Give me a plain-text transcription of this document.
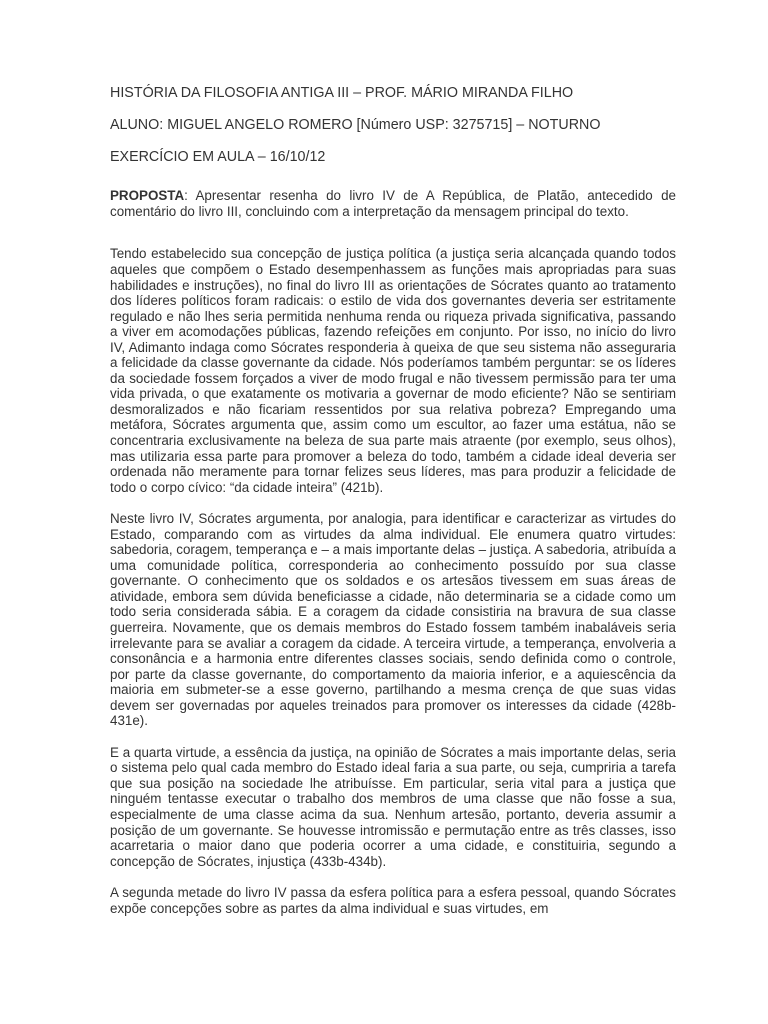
HISTÓRIA DA FILOSOFIA ANTIGA III – PROF. MÁRIO MIRANDA FILHO

ALUNO: MIGUEL ANGELO ROMERO [Número USP: 3275715] – NOTURNO

EXERCÍCIO EM AULA – 16/10/12

PROPOSTA: Apresentar resenha do livro IV de A República, de Platão, antecedido de comentário do livro III, concluindo com a interpretação da mensagem principal do texto.

Tendo estabelecido sua concepção de justiça política (a justiça seria alcançada quando todos aqueles que compõem o Estado desempenhassem as funções mais apropriadas para suas habilidades e instruções), no final do livro III as orientações de Sócrates quanto ao tratamento dos líderes políticos foram radicais: o estilo de vida dos governantes deveria ser estritamente regulado e não lhes seria permitida nenhuma renda ou riqueza privada significativa, passando a viver em acomodações públicas, fazendo refeições em conjunto. Por isso, no início do livro IV, Adimanto indaga como Sócrates responderia à queixa de que seu sistema não asseguraria a felicidade da classe governante da cidade. Nós poderíamos também perguntar: se os líderes da sociedade fossem forçados a viver de modo frugal e não tivessem permissão para ter uma vida privada, o que exatamente os motivaria a governar de modo eficiente? Não se sentiriam desmoralizados e não ficariam ressentidos por sua relativa pobreza? Empregando uma metáfora, Sócrates argumenta que, assim como um escultor, ao fazer uma estátua, não se concentraria exclusivamente na beleza de sua parte mais atraente (por exemplo, seus olhos), mas utilizaria essa parte para promover a beleza do todo, também a cidade ideal deveria ser ordenada não meramente para tornar felizes seus líderes, mas para produzir a felicidade de todo o corpo cívico: “da cidade inteira” (421b).

Neste livro IV, Sócrates argumenta, por analogia, para identificar e caracterizar as virtudes do Estado, comparando com as virtudes da alma individual. Ele enumera quatro virtudes: sabedoria, coragem, temperança e – a mais importante delas – justiça. A sabedoria, atribuída a uma comunidade política, corresponderia ao conhecimento possuído por sua classe governante. O conhecimento que os soldados e os artesãos tivessem em suas áreas de atividade, embora sem dúvida beneficiasse a cidade, não determinaria se a cidade como um todo seria considerada sábia. E a coragem da cidade consistiria na bravura de sua classe guerreira. Novamente, que os demais membros do Estado fossem também inabaláveis seria irrelevante para se avaliar a coragem da cidade. A terceira virtude, a temperança, envolveria a consonância e a harmonia entre diferentes classes sociais, sendo definida como o controle, por parte da classe governante, do comportamento da maioria inferior, e a aquiescência da maioria em submeter-se a esse governo, partilhando a mesma crença de que suas vidas devem ser governadas por aqueles treinados para promover os interesses da cidade (428b-431e).

E a quarta virtude, a essência da justiça, na opinião de Sócrates a mais importante delas, seria o sistema pelo qual cada membro do Estado ideal faria a sua parte, ou seja, cumpriria a tarefa que sua posição na sociedade lhe atribuísse. Em particular, seria vital para a justiça que ninguém tentasse executar o trabalho dos membros de uma classe que não fosse a sua, especialmente de uma classe acima da sua. Nenhum artesão, portanto, deveria assumir a posição de um governante. Se houvesse intromissão e permutação entre as três classes, isso acarretaria o maior dano que poderia ocorrer a uma cidade, e constituiria, segundo a concepção de Sócrates, injustiça (433b-434b).

A segunda metade do livro IV passa da esfera política para a esfera pessoal, quando Sócrates expõe concepções sobre as partes da alma individual e suas virtudes, em
